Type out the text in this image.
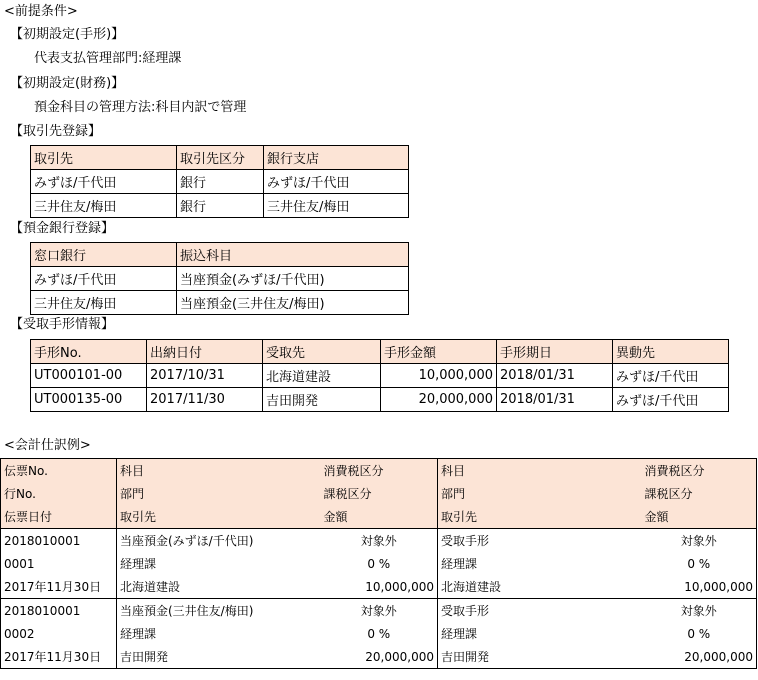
<前提条件>
【初期設定(手形)】
代表支払管理部門:経理課
【初期設定(財務)】
預金科目の管理方法:科目内訳で管理
【取引先登録】
取引先	取引先区分	銀行支店
みずほ/千代田	銀行	みずほ/千代田
三井住友/梅田	銀行	三井住友/梅田
【預金銀行登録】
窓口銀行	振込科目
みずほ/千代田	当座預金(みずほ/千代田)
三井住友/梅田	当座預金(三井住友/梅田)
【受取手形情報】
手形No.	出納日付	受取先	手形金額	手形期日	異動先
UT000101-00	2017/10/31	北海道建設	10,000,000	2018/01/31	みずほ/千代田
UT000135-00	2017/11/30	吉田開発	20,000,000	2018/01/31	みずほ/千代田
<会計仕訳例>
伝票No.	科目	消費税区分	科目	消費税区分
行No.	部門	課税区分	部門	課税区分
伝票日付	取引先	金額	取引先	金額
2018010001	当座預金(みずほ/千代田)	対象外	受取手形	対象外
0001	経理課	0 %	経理課	0 %
2017年11月30日	北海道建設	10,000,000	北海道建設	10,000,000
2018010001	当座預金(三井住友/梅田)	対象外	受取手形	対象外
0002	経理課	0 %	経理課	0 %
2017年11月30日	吉田開発	20,000,000	吉田開発	20,000,000
